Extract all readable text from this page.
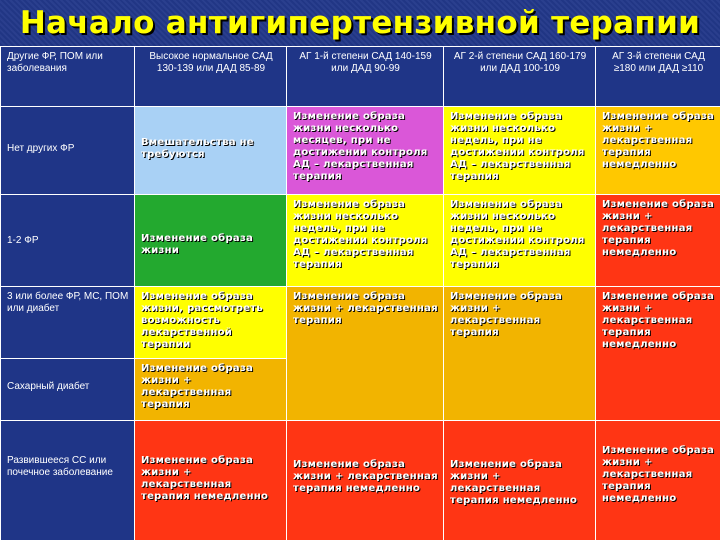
Начало антигипертензивной терапии
Другие ФР, ПОМ или заболевания	Высокое нормальное САД 130-139 или ДАД 85-89	АГ 1-й степени САД 140-159 или ДАД 90-99	АГ 2-й степени САД 160-179 или ДАД 100-109	АГ 3-й степени САД ≥180 или ДАД ≥110
Нет других ФР	Вмешательства не требуются	Изменение образа жизни несколько месяцев, при не достижении контроля АД – лекарственная терапия	Изменение образа жизни несколько недель, при не достижении контроля АД – лекарственная терапия	Изменение образа жизни + лекарственная терапия немедленно
1-2 ФР	Изменение образа жизни	Изменение образа жизни несколько недель, при не достижении контроля АД – лекарственная терапия	Изменение образа жизни несколько недель, при не достижении контроля АД – лекарственная терапия	Изменение образа жизни + лекарственная терапия немедленно
3 или более ФР, МС, ПОМ или диабет	Изменение образа жизни, рассмотреть возможность лекарственной терапии	Изменение образа жизни + лекарственная терапия	Изменение образа жизни + лекарственная терапия	Изменение образа жизни + лекарственная терапия немедленно
Сахарный диабет	Изменение образа жизни + лекарственная терапия			
Развившееся СС или почечное заболевание	Изменение образа жизни + лекарственная терапия немедленно	Изменение образа жизни + лекарственная терапия немедленно	Изменение образа жизни + лекарственная терапия немедленно	Изменение образа жизни + лекарственная терапия немедленно
